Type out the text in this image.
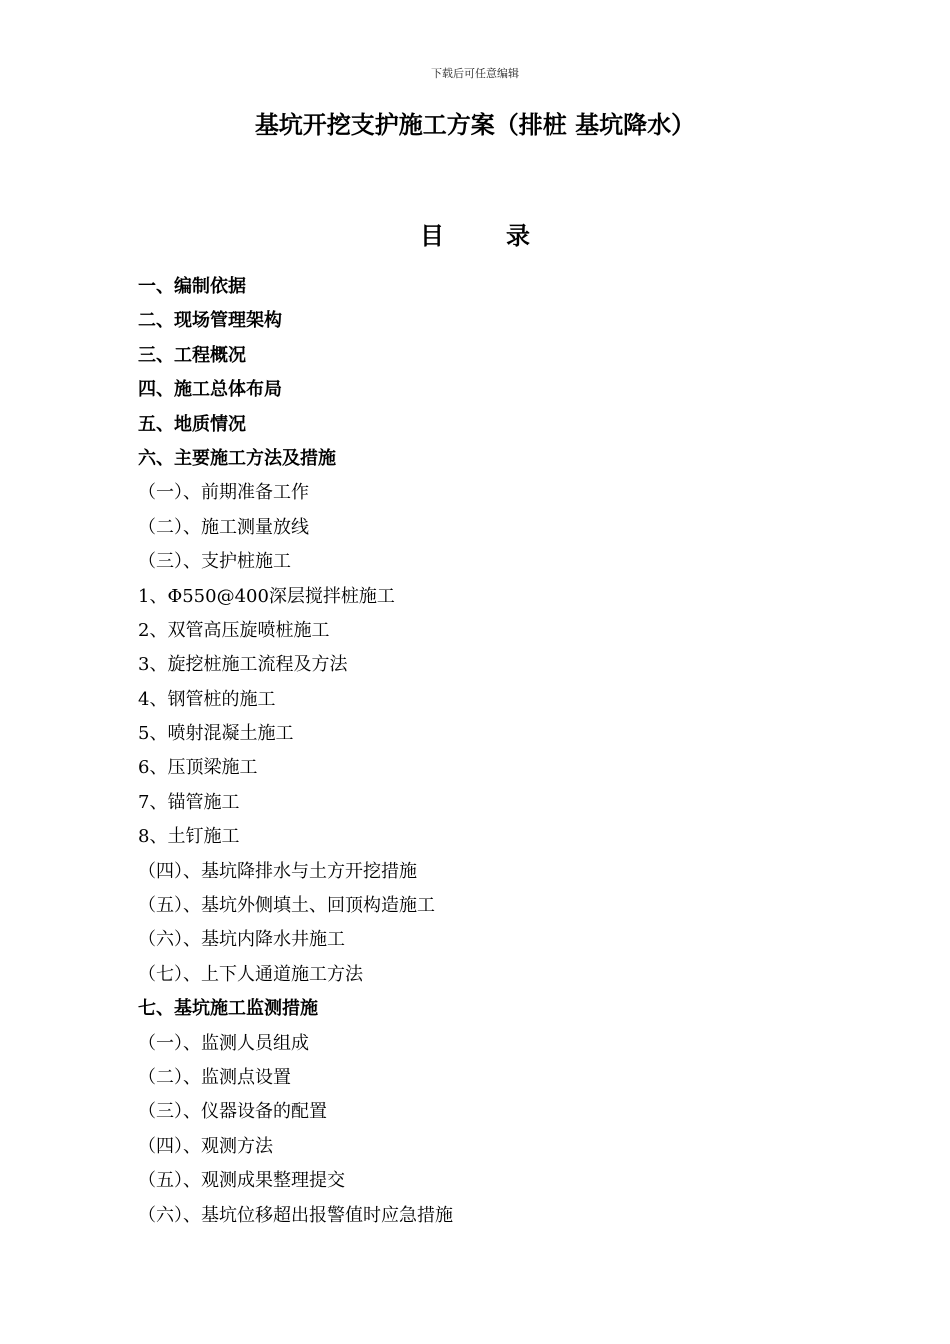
下载后可任意编辑
基坑开挖支护施工方案（排桩 基坑降水）
目	录
一、编制依据
二、现场管理架构
三、工程概况
四、施工总体布局
五、地质情况
六、主要施工方法及措施
（一）、前期准备工作
（二）、施工测量放线
（三）、支护桩施工
1、Φ550@400深层搅拌桩施工
2、双管高压旋喷桩施工
3、旋挖桩施工流程及方法
4、钢管桩的施工
5、喷射混凝土施工
6、压顶梁施工
7、锚管施工
8、土钉施工
（四）、基坑降排水与土方开挖措施
（五）、基坑外侧填土、回顶构造施工
（六）、基坑内降水井施工
（七）、上下人通道施工方法
七、基坑施工监测措施
（一）、监测人员组成
（二）、监测点设置
（三）、仪器设备的配置
（四）、观测方法
（五）、观测成果整理提交
（六）、基坑位移超出报警值时应急措施
